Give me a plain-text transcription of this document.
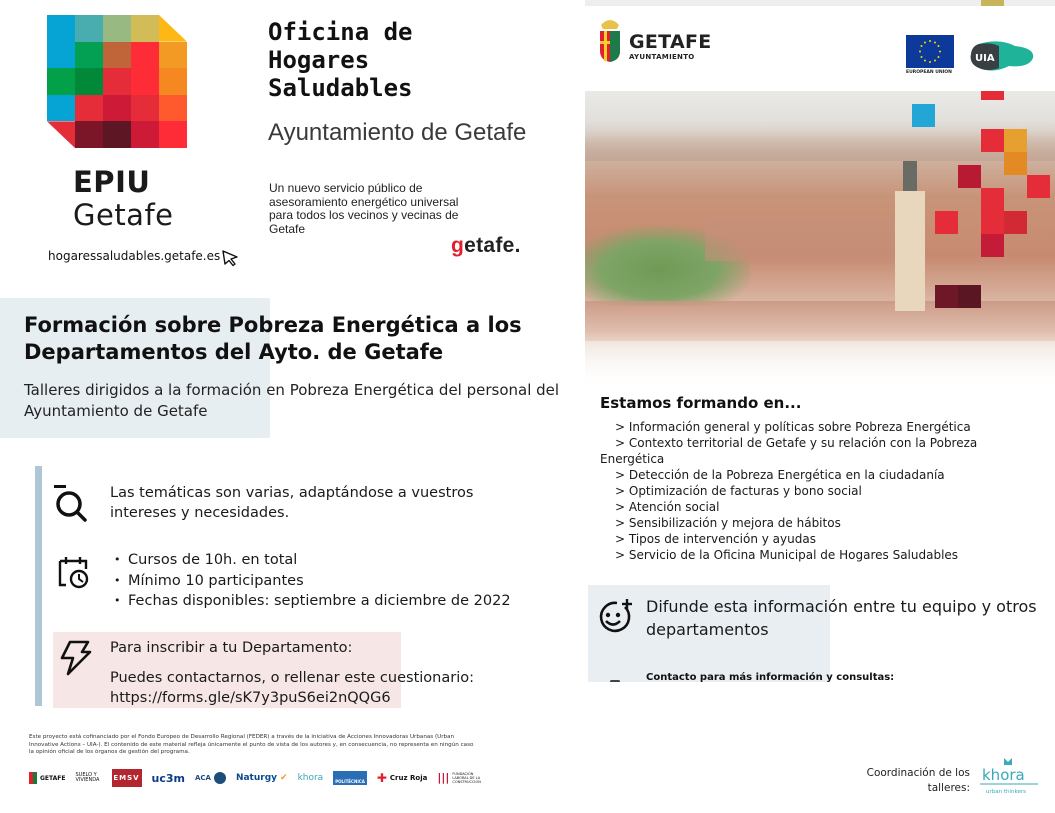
EPIU
Getafe
hogaressaludables.getafe.es
Oficina de Hogares Saludables
Ayuntamiento de Getafe
Un nuevo servicio público de asesoramiento energético universal para todos los vecinos y vecinas de Getafe
getafe.
Formación sobre Pobreza Energética a los Departamentos del Ayto. de Getafe

Talleres dirigidos a la formación en Pobreza Energética del personal del Ayuntamiento de Getafe

Las temáticas son varias, adaptándose a vuestros intereses y necesidades.
• Cursos de 10h. en total
• Mínimo 10 participantes
• Fechas disponibles: septiembre a diciembre de 2022
Para inscribir a tu Departamento:
Puedes contactarnos, o rellenar este cuestionario:
https://forms.gle/sK7y3puS6ei2nQQG6

Este proyecto está cofinanciado por el Fondo Europeo de Desarrollo Regional (FEDER) a través de la iniciativa de Acciones Innovadoras Urbanas (Urban Innovative Actions – UIA-). El contenido de este material refleja únicamente el punto de vista de los autores y, en consecuencia, no representa en ningún caso la opinión oficial de los órganos de gestión del programa.

GETAFE SUELO Y VIVIENDA	EMSV uc3m ACA	Naturgy ✔ khora	POLITÉCNICA ✚ Cruz Roja ||| FUNDACIÓN LABORAL DE LA CONSTRUCCIÓN
GETAFE
AYUNTAMIENTO
EUROPEAN UNION
UIA
Estamos formando en...
> Información general y políticas sobre Pobreza Energética
> Contexto territorial de Getafe y su relación con la Pobreza
Energética
> Detección de la Pobreza Energética en la ciudadanía
> Optimización de facturas y bono social
> Atención social
> Sensibilización y mejora de hábitos
> Tipos de intervención y ayudas
> Servicio de la Oficina Municipal de Hogares Saludables
Difunde esta información entre tu equipo y otros departamentos
Contacto para más información y consultas:
Coordinación de los talleres:
khora
urban thinkers
